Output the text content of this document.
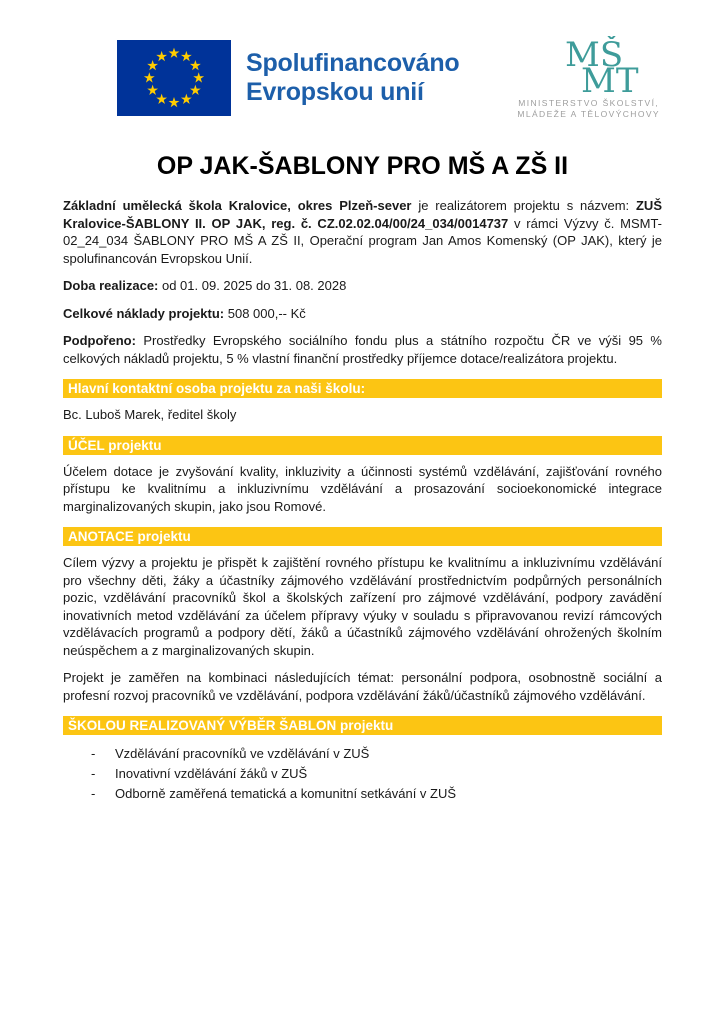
Spolufinancováno
Evropskou unií
MŠ
MT
MINISTERSTVO ŠKOLSTVÍ,
MLÁDEŽE A TĚLOVÝCHOVY
OP JAK-ŠABLONY PRO MŠ A ZŠ II

Základní umělecká škola Kralovice, okres Plzeň-sever je realizátorem projektu s názvem: ZUŠ Kralovice-ŠABLONY II. OP JAK, reg. č. CZ.02.02.04/00/24_034/0014737 v rámci Výzvy č. MSMT- 02_24_034 ŠABLONY PRO MŠ A ZŠ II, Operační program Jan Amos Komenský (OP JAK), který je spolufinancován Evropskou Unií.

Doba realizace: od 01. 09. 2025 do 31. 08. 2028

Celkové náklady projektu: 508 000,-- Kč

Podpořeno: Prostředky Evropského sociálního fondu plus a státního rozpočtu ČR ve výši 95 % celkových nákladů projektu, 5 % vlastní finanční prostředky příjemce dotace/realizátora projektu.

Hlavní kontaktní osoba projektu za naši školu:

Bc. Luboš Marek, ředitel školy

ÚČEL projektu

Účelem dotace je zvyšování kvality, inkluzivity a účinnosti systémů vzdělávání, zajišťování rovného přístupu ke kvalitnímu a inkluzivnímu vzdělávání a prosazování socioekonomické integrace marginalizovaných skupin, jako jsou Romové.

ANOTACE projektu

Cílem výzvy a projektu je přispět k zajištění rovného přístupu ke kvalitnímu a inkluzivnímu vzdělávání pro všechny děti, žáky a účastníky zájmového vzdělávání prostřednictvím podpůrných personálních pozic, vzdělávání pracovníků škol a školských zařízení pro zájmové vzdělávání, podpory zavádění inovativních metod vzdělávání za účelem přípravy výuky v souladu s připravovanou revizí rámcových vzdělávacích programů a podpory dětí, žáků a účastníků zájmového vzdělávání ohrožených školním neúspěchem a z marginalizovaných skupin.

Projekt je zaměřen na kombinaci následujících témat: personální podpora, osobnostně sociální a profesní rozvoj pracovníků ve vzdělávání, podpora vzdělávání žáků/účastníků zájmového vzdělávání.

ŠKOLOU REALIZOVANÝ VÝBĚR ŠABLON projektu
-	Vzdělávání pracovníků ve vzdělávání v ZUŠ
-	Inovativní vzdělávání žáků v ZUŠ
-	Odborně zaměřená tematická a komunitní setkávání v ZUŠ
